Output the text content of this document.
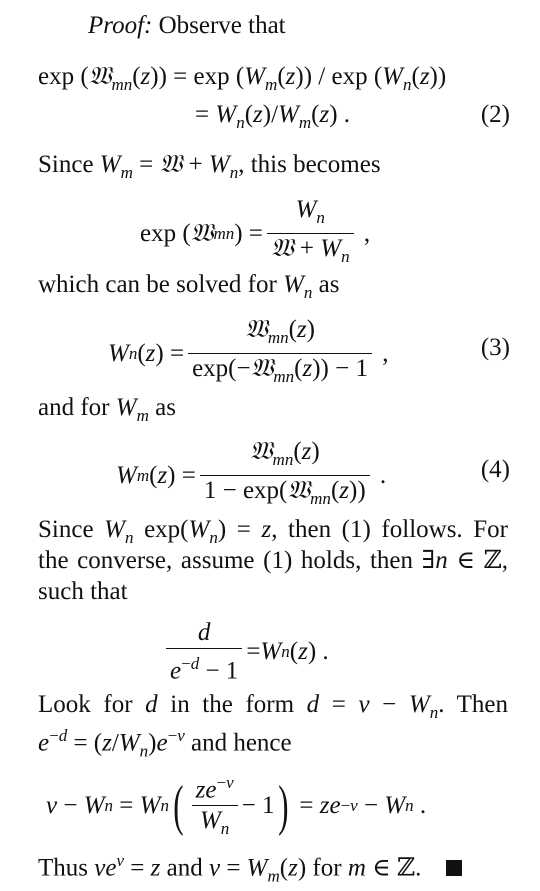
Proof: Observe that
exp (𝔚$_{mn}$(z)) = $\exp (W_m(z))$ / $\exp (W_n(z))$
= $W_n(z)/W_m(z)$ .	(2)
Since $W_m$ = 𝔚 + $W_n$, this becomes
exp ( 𝔚 mn ) = $\frac{W_n}{𝔚 + W_n}$ ,
which can be solved for $W_n$ as
W n ( z ) = $\frac{𝔚_{mn}(z)}{\exp(-𝔚_{mn}(z)) - 1}$ ,	(3)
and for $W_m$ as
W m ( z ) = $\frac{𝔚_{mn}(z)}{1 - \exp(𝔚_{mn}(z))}$ .	(4)
Since $W_n$ $\exp(W_n) = z$, then (1) follows. For
the converse, assume (1) holds, then ∃n ∈ ℤ,
such that
$\frac{d}{e^{-d} - 1} = W$ n ( z ) .
Look for d in the form $d = v - W_n$. Then
$e^{-d} = (z/W_n)e^{-v}$ and hence
v − W n = W n ( $\frac{ze^{-v}}{W_n} - 1$ ) = ze −v − W n .
Thus $ve^v = z$ and $v = W_m(z)$ for m ∈ ℤ.
